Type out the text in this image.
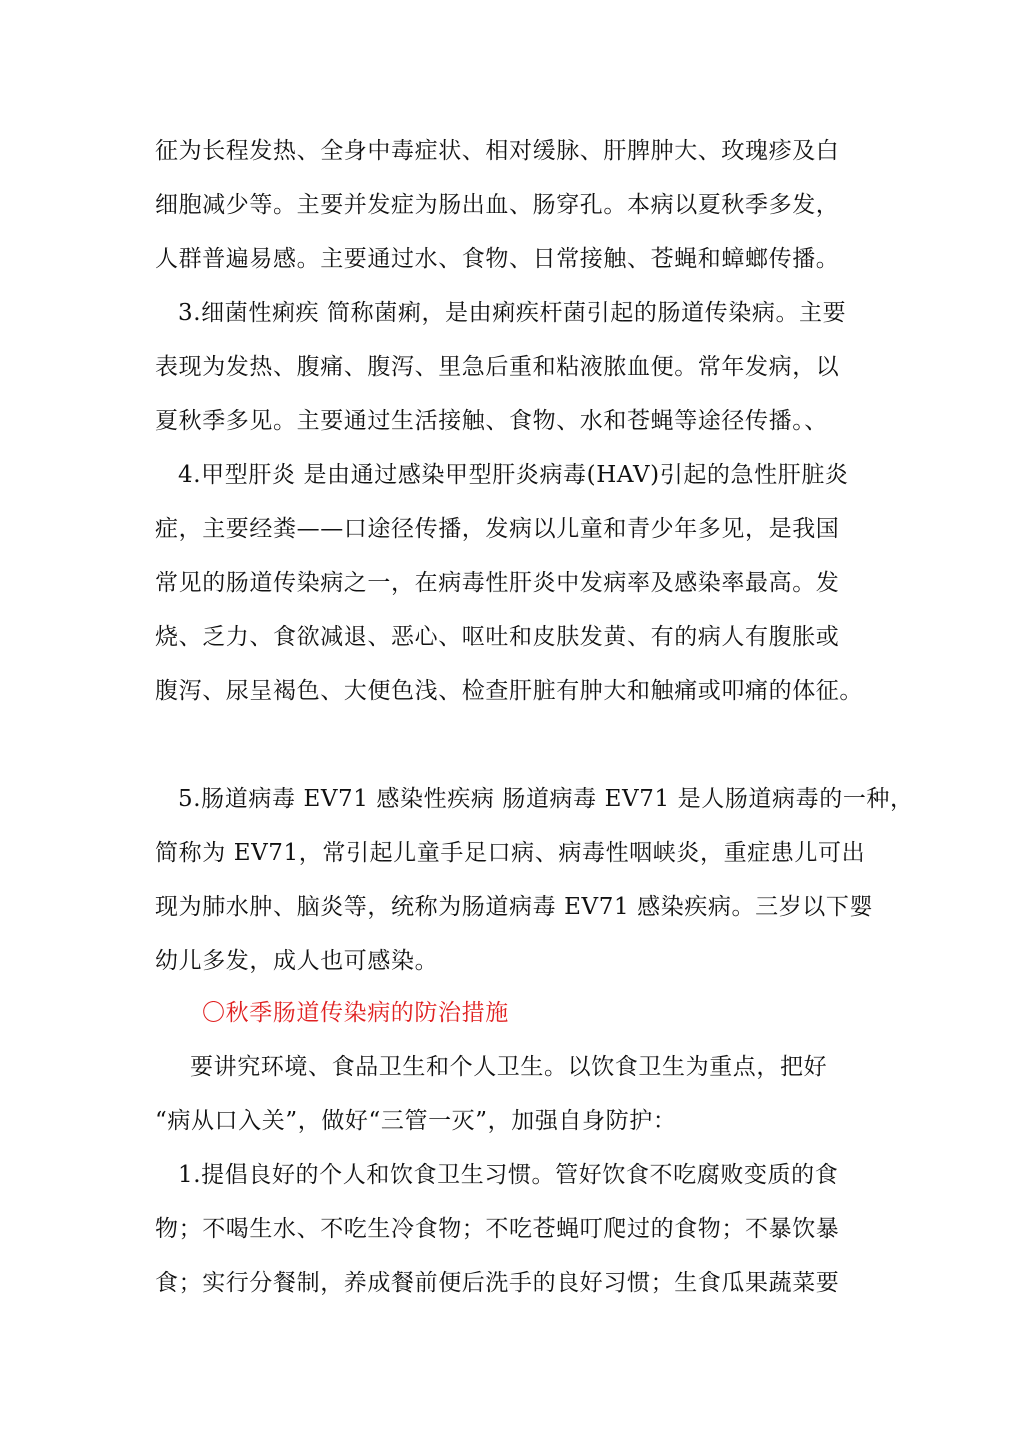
征为长程发热、全身中毒症状、相对缓脉、肝脾肿大、玫瑰疹及白
细胞减少等。主要并发症为肠出血、肠穿孔。本病以夏秋季多发，
人群普遍易感。主要通过水、食物、日常接触、苍蝇和蟑螂传播。
3.细菌性痢疾 简称菌痢，是由痢疾杆菌引起的肠道传染病。主要
表现为发热、腹痛、腹泻、里急后重和粘液脓血便。常年发病，以
夏秋季多见。主要通过生活接触、食物、水和苍蝇等途径传播。、
4.甲型肝炎 是由通过感染甲型肝炎病毒(HAV)引起的急性肝脏炎
症，主要经粪——口途径传播，发病以儿童和青少年多见，是我国
常见的肠道传染病之一，在病毒性肝炎中发病率及感染率最高。发
烧、乏力、食欲减退、恶心、呕吐和皮肤发黄、有的病人有腹胀或
腹泻、尿呈褐色、大便色浅、检查肝脏有肿大和触痛或叩痛的体征。
5.肠道病毒 EV71 感染性疾病 肠道病毒 EV71 是人肠道病毒的一种，
简称为 EV71，常引起儿童手足口病、病毒性咽峡炎，重症患儿可出
现为肺水肿、脑炎等，统称为肠道病毒 EV71 感染疾病。三岁以下婴
幼儿多发，成人也可感染。
〇秋季肠道传染病的防治措施
要讲究环境、食品卫生和个人卫生。以饮食卫生为重点，把好
“病从口入关”，做好“三管一灭”，加强自身防护：
1.提倡良好的个人和饮食卫生习惯。管好饮食不吃腐败变质的食
物；不喝生水、不吃生冷食物；不吃苍蝇叮爬过的食物；不暴饮暴
食；实行分餐制，养成餐前便后洗手的良好习惯；生食瓜果蔬菜要
